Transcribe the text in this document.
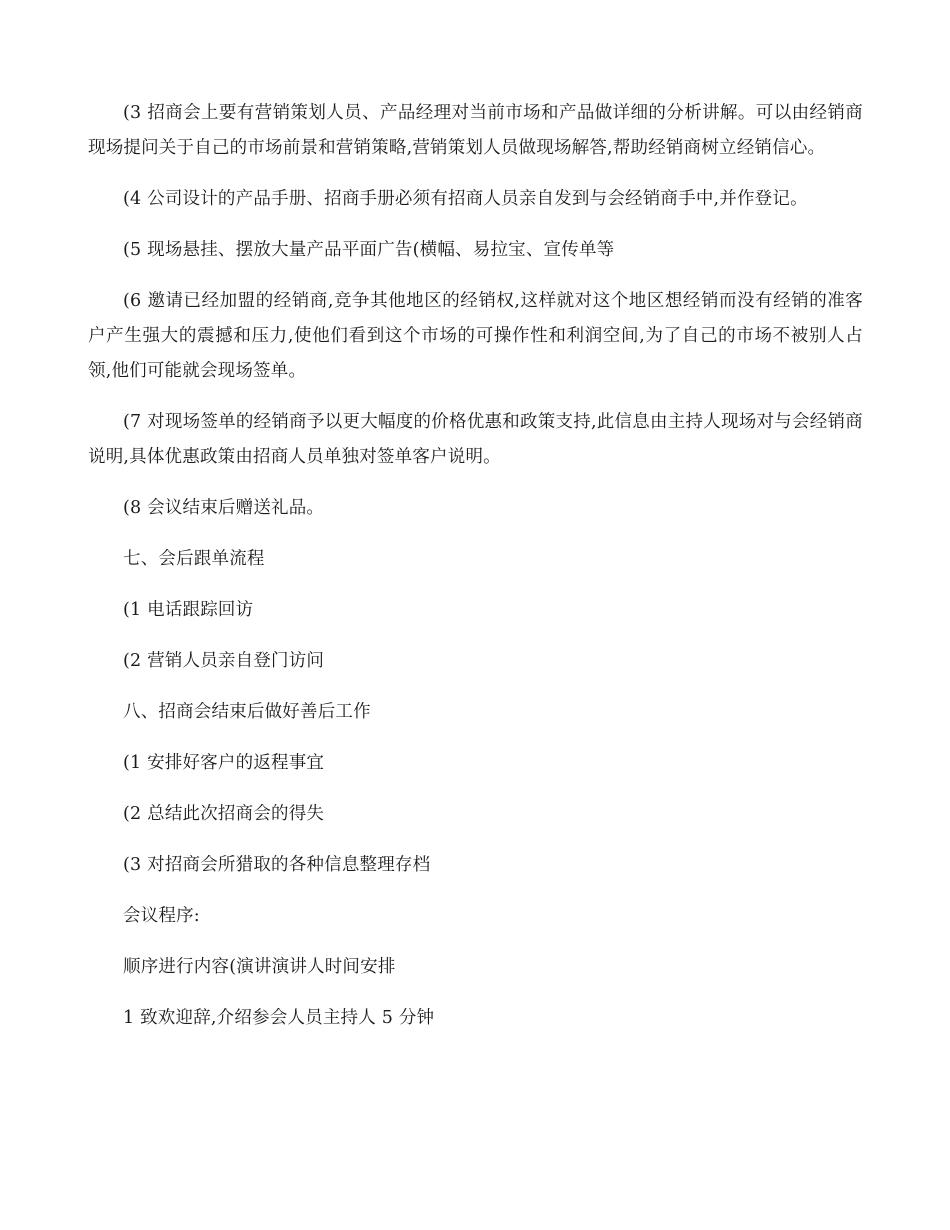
(3 招商会上要有营销策划人员、产品经理对当前市场和产品做详细的分析讲解。可以由经销商现场提问关于自己的市场前景和营销策略,营销策划人员做现场解答,帮助经销商树立经销信心。

(4 公司设计的产品手册、招商手册必须有招商人员亲自发到与会经销商手中,并作登记。

(5 现场悬挂、摆放大量产品平面广告(横幅、易拉宝、宣传单等

(6 邀请已经加盟的经销商,竞争其他地区的经销权,这样就对这个地区想经销而没有经销的准客户产生强大的震撼和压力,使他们看到这个市场的可操作性和利润空间,为了自己的市场不被别人占领,他们可能就会现场签单。

(7 对现场签单的经销商予以更大幅度的价格优惠和政策支持,此信息由主持人现场对与会经销商说明,具体优惠政策由招商人员单独对签单客户说明。

(8 会议结束后赠送礼品。

七、会后跟单流程

(1 电话跟踪回访

(2 营销人员亲自登门访问

八、招商会结束后做好善后工作

(1 安排好客户的返程事宜

(2 总结此次招商会的得失

(3 对招商会所猎取的各种信息整理存档

会议程序:

顺序进行内容(演讲演讲人时间安排

1 致欢迎辞,介绍参会人员主持人 5 分钟
